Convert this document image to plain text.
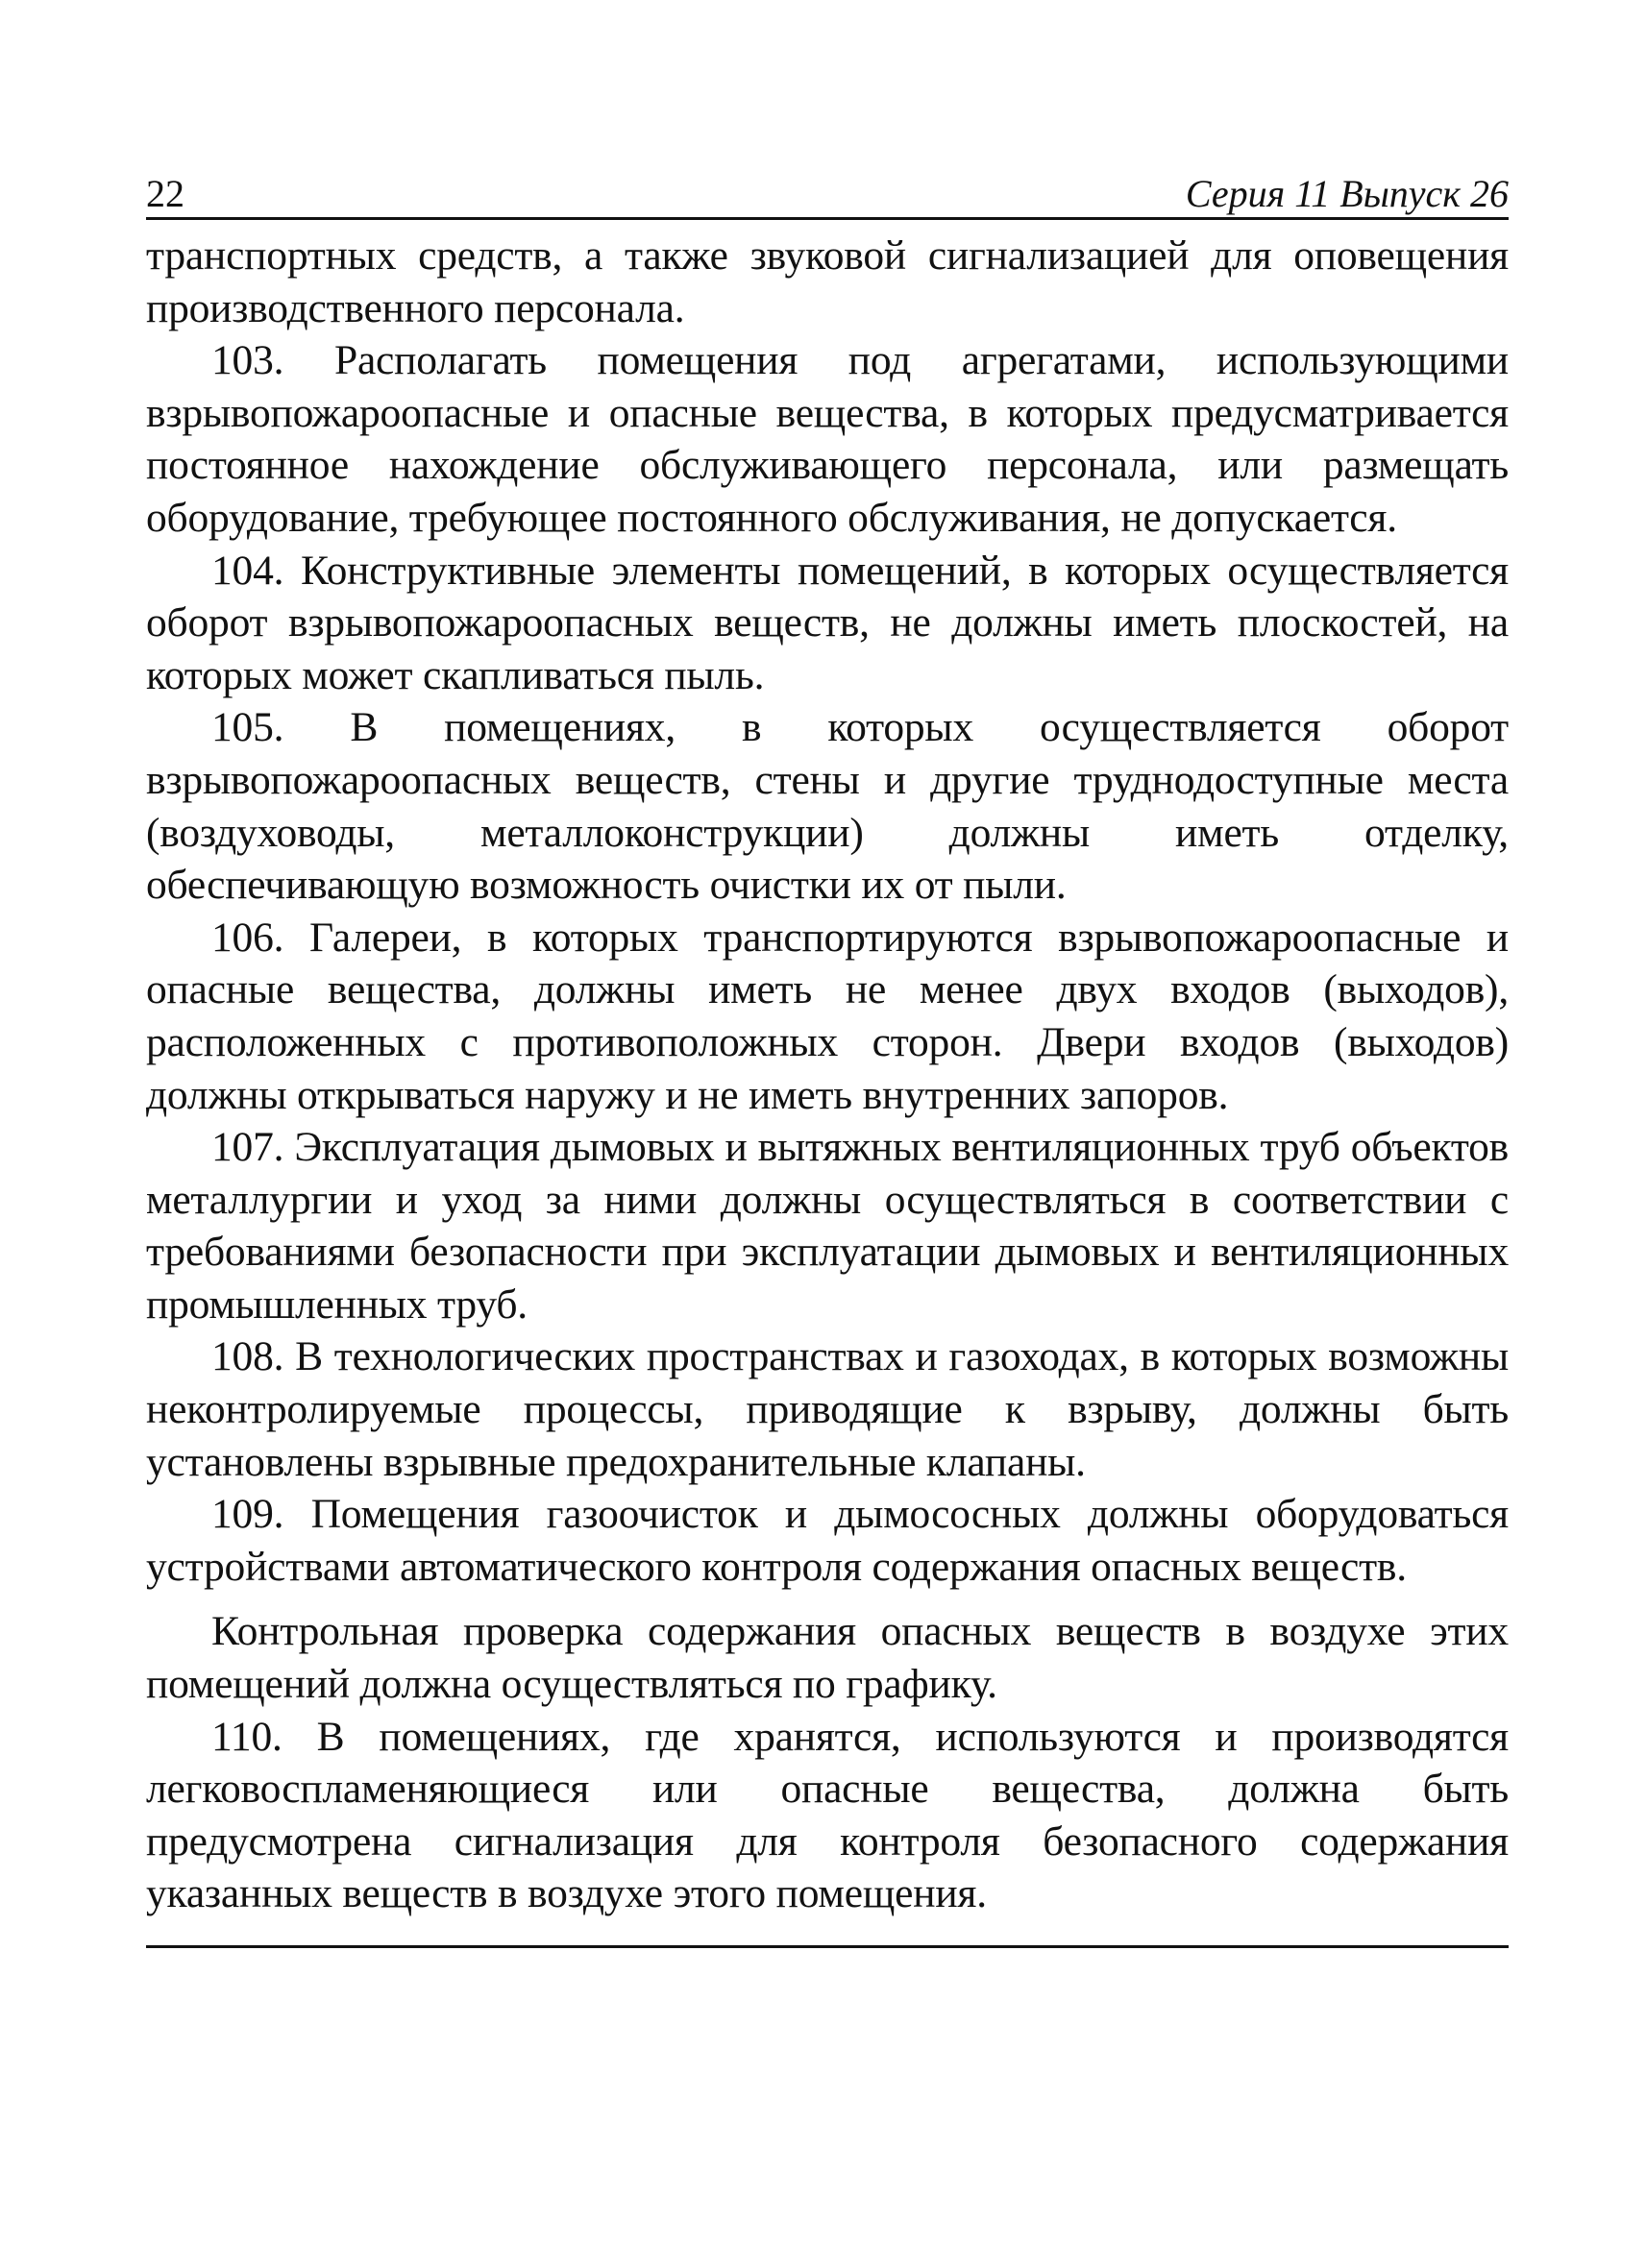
22	Серия 11 Выпуск 26

транспортных средств, а также звуковой сигнализацией для оповещения производственного персонала.

103. Располагать помещения под агрегатами, использующими взрывопожароопасные и опасные вещества, в которых предусматривается постоянное нахождение обслуживающего персонала, или размещать оборудование, требующее постоянного обслуживания, не допускается.

104. Конструктивные элементы помещений, в которых осуществляется оборот взрывопожароопасных веществ, не должны иметь плоскостей, на которых может скапливаться пыль.

105. В помещениях, в которых осуществляется оборот взрывопожароопасных веществ, стены и другие труднодоступные места (воздуховоды, металлоконструкции) должны иметь отделку, обеспечивающую возможность очистки их от пыли.

106. Галереи, в которых транспортируются взрывопожароопасные и опасные вещества, должны иметь не менее двух входов (выходов), расположенных с противоположных сторон. Двери входов (выходов) должны открываться наружу и не иметь внутренних запоров.

107. Эксплуатация дымовых и вытяжных вентиляционных труб объектов металлургии и уход за ними должны осуществляться в соответствии с требованиями безопасности при эксплуатации дымовых и вентиляционных промышленных труб.

108. В технологических пространствах и газоходах, в которых возможны неконтролируемые процессы, приводящие к взрыву, должны быть установлены взрывные предохранительные клапаны.

109. Помещения газоочисток и дымососных должны оборудоваться устройствами автоматического контроля содержания опасных веществ.

Контрольная проверка содержания опасных веществ в воздухе этих помещений должна осуществляться по графику.

110. В помещениях, где хранятся, используются и производятся легковоспламеняющиеся или опасные вещества, должна быть предусмотрена сигнализация для контроля безопасного содержания указанных веществ в воздухе этого помещения.
